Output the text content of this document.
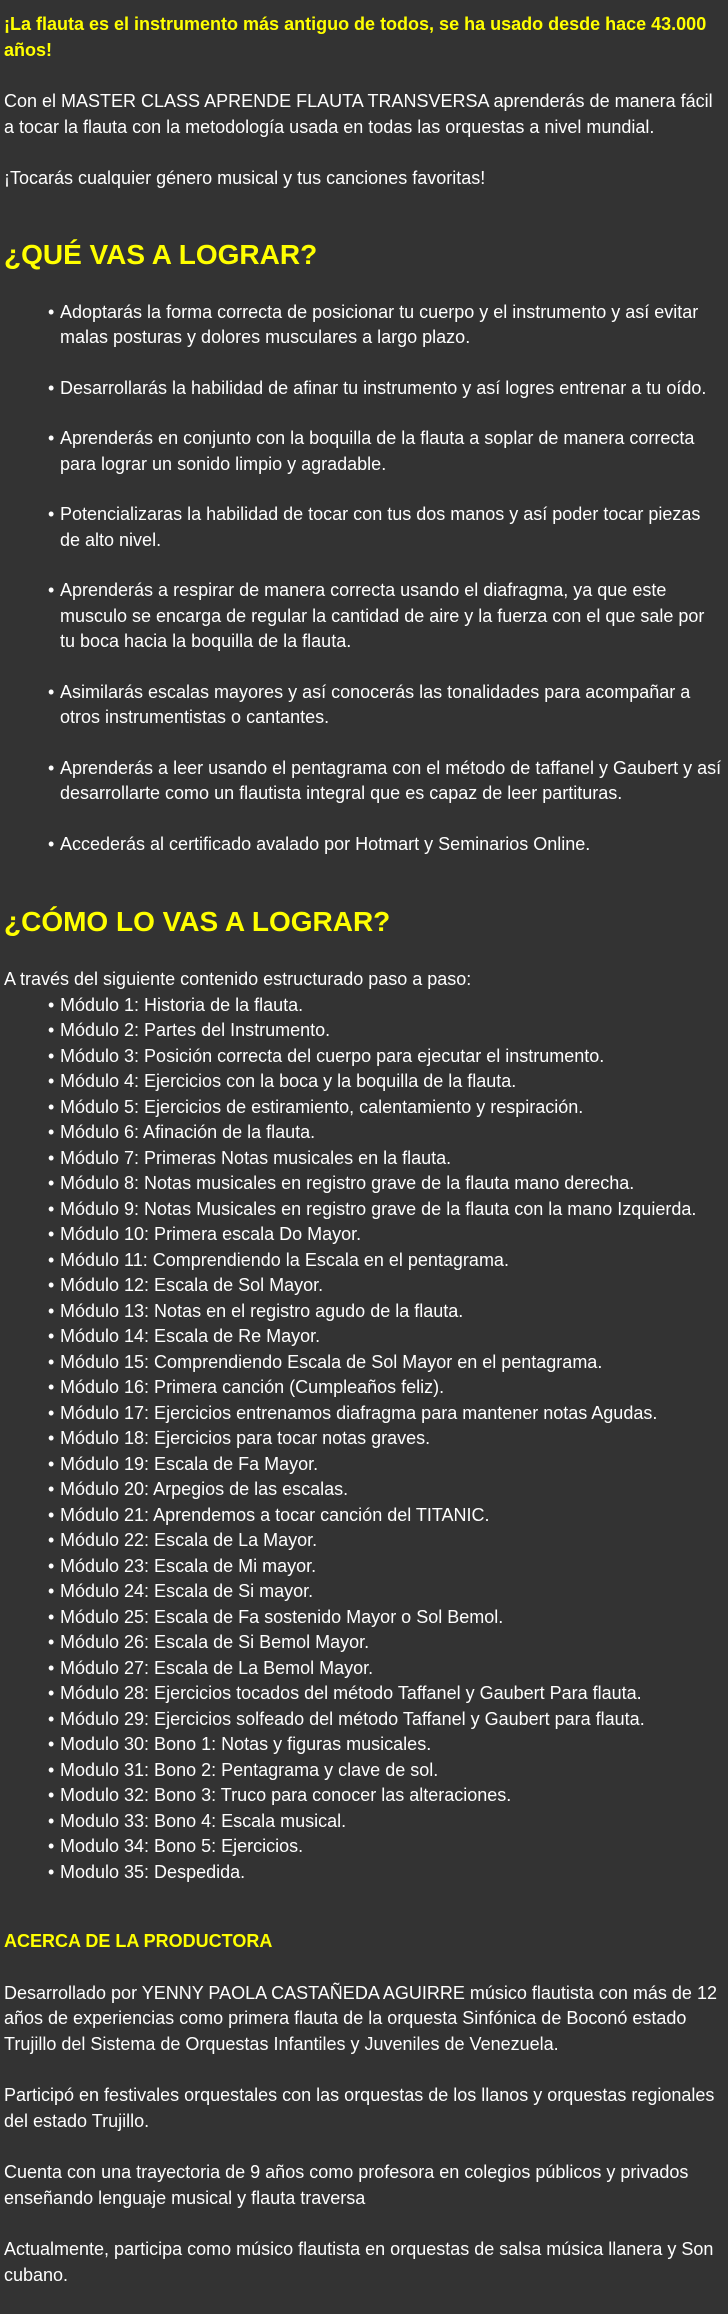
¡La flauta es el instrumento más antiguo de todos, se ha usado desde hace 43.000 años!

Con el MASTER CLASS APRENDE FLAUTA TRANSVERSA aprenderás de manera fácil a tocar la flauta con la metodología usada en todas las orquestas a nivel mundial.

¡Tocarás cualquier género musical y tus canciones favoritas!

¿QUÉ VAS A LOGRAR?
• Adoptarás la forma correcta de posicionar tu cuerpo y el instrumento y así evitar malas posturas y dolores musculares a largo plazo.
• Desarrollarás la habilidad de afinar tu instrumento y así logres entrenar a tu oído.
• Aprenderás en conjunto con la boquilla de la flauta a soplar de manera correcta para lograr un sonido limpio y agradable.
• Potencializaras la habilidad de tocar con tus dos manos y así poder tocar piezas de alto nivel.
• Aprenderás a respirar de manera correcta usando el diafragma, ya que este musculo se encarga de regular la cantidad de aire y la fuerza con el que sale por tu boca hacia la boquilla de la flauta.
• Asimilarás escalas mayores y así conocerás las tonalidades para acompañar a otros instrumentistas o cantantes.
• Aprenderás a leer usando el pentagrama con el método de taffanel y Gaubert y así desarrollarte como un flautista integral que es capaz de leer partituras.
• Accederás al certificado avalado por Hotmart y Seminarios Online.
¿CÓMO LO VAS A LOGRAR?

A través del siguiente contenido estructurado paso a paso:

• Módulo 1: Historia de la flauta.
• Módulo 2: Partes del Instrumento.
• Módulo 3: Posición correcta del cuerpo para ejecutar el instrumento.
• Módulo 4: Ejercicios con la boca y la boquilla de la flauta.
• Módulo 5: Ejercicios de estiramiento, calentamiento y respiración.
• Módulo 6: Afinación de la flauta.
• Módulo 7: Primeras Notas musicales en la flauta.
• Módulo 8: Notas musicales en registro grave de la flauta mano derecha.
• Módulo 9: Notas Musicales en registro grave de la flauta con la mano Izquierda.
• Módulo 10: Primera escala Do Mayor.
• Módulo 11: Comprendiendo la Escala en el pentagrama.
• Módulo 12: Escala de Sol Mayor.
• Módulo 13: Notas en el registro agudo de la flauta.
• Módulo 14: Escala de Re Mayor.
• Módulo 15: Comprendiendo Escala de Sol Mayor en el pentagrama.
• Módulo 16: Primera canción (Cumpleaños feliz).
• Módulo 17: Ejercicios entrenamos diafragma para mantener notas Agudas.
• Módulo 18: Ejercicios para tocar notas graves.
• Módulo 19: Escala de Fa Mayor.
• Módulo 20: Arpegios de las escalas.
• Módulo 21: Aprendemos a tocar canción del TITANIC.
• Módulo 22: Escala de La Mayor.
• Módulo 23: Escala de Mi mayor.
• Módulo 24: Escala de Si mayor.
• Módulo 25: Escala de Fa sostenido Mayor o Sol Bemol.
• Módulo 26: Escala de Si Bemol Mayor.
• Módulo 27: Escala de La Bemol Mayor.
• Módulo 28: Ejercicios tocados del método Taffanel y Gaubert Para flauta.
• Módulo 29: Ejercicios solfeado del método Taffanel y Gaubert para flauta.
• Modulo 30: Bono 1: Notas y figuras musicales.
• Modulo 31: Bono 2: Pentagrama y clave de sol.
• Modulo 32: Bono 3: Truco para conocer las alteraciones.
• Modulo 33: Bono 4: Escala musical.
• Modulo 34: Bono 5: Ejercicios.
• Modulo 35: Despedida.

ACERCA DE LA PRODUCTORA

Desarrollado por YENNY PAOLA CASTAÑEDA AGUIRRE músico flautista con más de 12 años de experiencias como primera flauta de la orquesta Sinfónica de Boconó estado Trujillo del Sistema de Orquestas Infantiles y Juveniles de Venezuela.

Participó en festivales orquestales con las orquestas de los llanos y orquestas regionales del estado Trujillo.

Cuenta con una trayectoria de 9 años como profesora en colegios públicos y privados enseñando lenguaje musical y flauta traversa

Actualmente, participa como músico flautista en orquestas de salsa música llanera y Son cubano.
